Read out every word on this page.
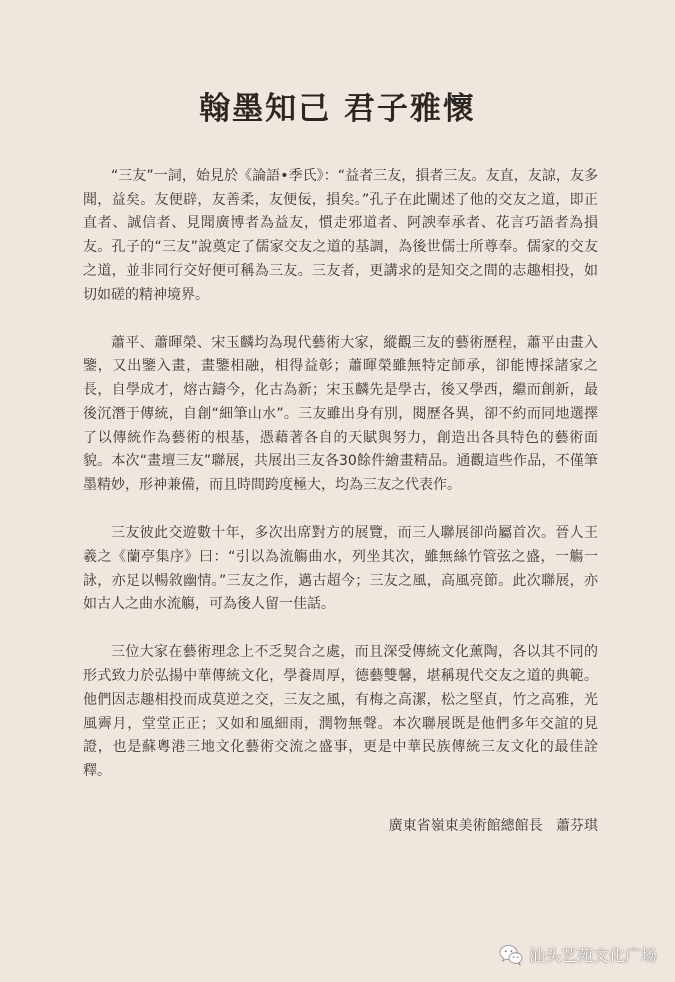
翰墨知己 君子雅懷

“三友”一詞，始見於《論語•季氏》：“益者三友，損者三友。友直，友諒，友多聞，益矣。友便辟，友善柔，友便佞，損矣。”孔子在此闡述了他的交友之道，即正直者、誠信者、見聞廣博者為益友，慣走邪道者、阿諛奉承者、花言巧語者為損友。孔子的“三友”說奠定了儒家交友之道的基調，為後世儒士所尊奉。儒家的交友之道，並非同行交好便可稱為三友。三友者，更講求的是知交之間的志趣相投，如切如磋的精神境界。

蕭平、蕭暉榮、宋玉麟均為現代藝術大家，縱觀三友的藝術歷程，蕭平由畫入鑒，又出鑒入畫，畫鑒相融，相得益彰；蕭暉榮雖無特定師承，卻能博採諸家之長，自學成才，熔古鑄今，化古為新；宋玉麟先是學古，後又學西，繼而創新，最後沉潛于傳統，自創“細筆山水”。三友雖出身有別，閱歷各異，卻不約而同地選擇了以傳統作為藝術的根基，憑藉著各自的天賦與努力，創造出各具特色的藝術面貌。本次“畫壇三友”聯展，共展出三友各30餘件繪畫精品。通觀這些作品，不僅筆墨精妙，形神兼備，而且時間跨度極大，均為三友之代表作。

三友彼此交遊數十年，多次出席對方的展覽，而三人聯展卻尚屬首次。晉人王羲之《蘭亭集序》曰：“引以為流觴曲水，列坐其次，雖無絲竹管弦之盛，一觴一詠，亦足以暢敘幽情。”三友之作，邁古超今；三友之風，高風亮節。此次聯展，亦如古人之曲水流觴，可為後人留一佳話。

三位大家在藝術理念上不乏契合之處，而且深受傳統文化薰陶，各以其不同的形式致力於弘揚中華傳統文化，學養周厚，德藝雙馨，堪稱現代交友之道的典範。他們因志趣相投而成莫逆之交，三友之風，有梅之高潔，松之堅貞，竹之高雅，光風霽月，堂堂正正；又如和風細雨，潤物無聲。本次聯展既是他們多年交誼的見證，也是蘇粵港三地文化藝術交流之盛事，更是中華民族傳統三友文化的最佳詮釋。

廣東省嶺東美術館總館長   蕭芬琪
汕头艺苑文化广场
